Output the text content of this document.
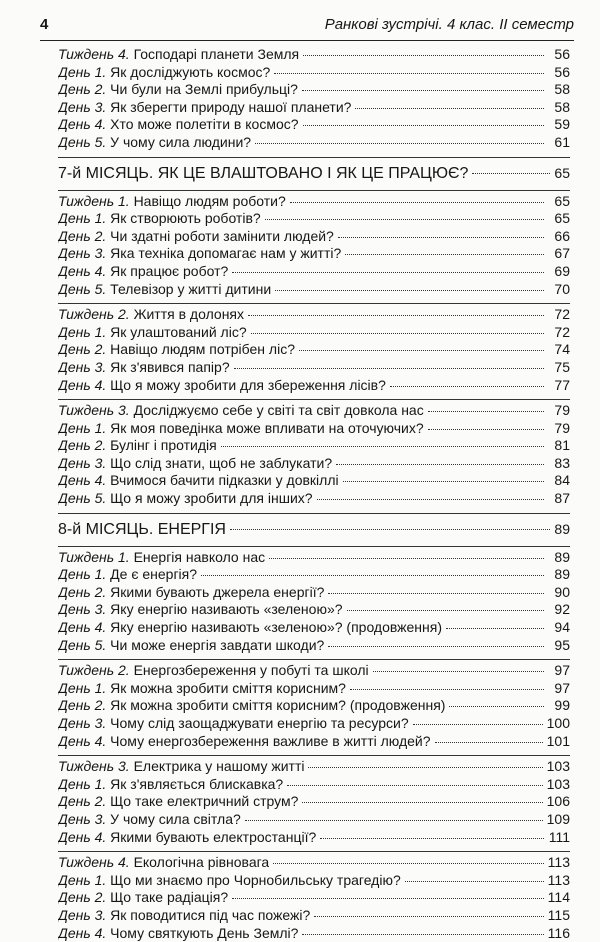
4	Ранкові зустрічі. 4 клас. ІІ семестр
Тиждень 4. Господарі планети Земля	56
День 1. Як досліджують космос?	56
День 2. Чи були на Землі прибульці?	58
День 3. Як зберегти природу нашої планети?	58
День 4. Хто може полетіти в космос?	59
День 5. У чому сила людини?	61
7-й МІСЯЦЬ. ЯК ЦЕ ВЛАШТОВАНО І ЯК ЦЕ ПРАЦЮЄ?	65
Тиждень 1. Навіщо людям роботи?	65
День 1. Як створюють роботів?	65
День 2. Чи здатні роботи замінити людей?	66
День 3. Яка техніка допомагає нам у житті?	67
День 4. Як працює робот?	69
День 5. Телевізор у житті дитини	70
Тиждень 2. Життя в долонях	72
День 1. Як улаштований ліс?	72
День 2. Навіщо людям потрібен ліс?	74
День 3. Як з'явився папір?	75
День 4. Що я можу зробити для збереження лісів?	77
Тиждень 3. Досліджуємо себе у світі та світ довкола нас	79
День 1. Як моя поведінка може впливати на оточуючих?	79
День 2. Булінг і протидія	81
День 3. Що слід знати, щоб не заблукати?	83
День 4. Вчимося бачити підказки у довкіллі	84
День 5. Що я можу зробити для інших?	87
8-й МІСЯЦЬ. ЕНЕРГІЯ	89
Тиждень 1. Енергія навколо нас	89
День 1. Де є енергія?	89
День 2. Якими бувають джерела енергії?	90
День 3. Яку енергію називають «зеленою»?	92
День 4. Яку енергію називають «зеленою»? (продовження)	94
День 5. Чи може енергія завдати шкоди?	95
Тиждень 2. Енергозбереження у побуті та школі	97
День 1. Як можна зробити сміття корисним?	97
День 2. Як можна зробити сміття корисним? (продовження)	99
День 3. Чому слід заощаджувати енергію та ресурси?	100
День 4. Чому енергозбереження важливе в житті людей?	101
Тиждень 3. Електрика у нашому житті	103
День 1. Як з'являється блискавка?	103
День 2. Що таке електричний струм?	106
День 3. У чому сила світла?	109
День 4. Якими бувають електростанції?	111
Тиждень 4. Екологічна рівновага	113
День 1. Що ми знаємо про Чорнобильську трагедію?	113
День 2. Що таке радіація?	114
День 3. Як поводитися під час пожежі?	115
День 4. Чому святкують День Землі?	116
